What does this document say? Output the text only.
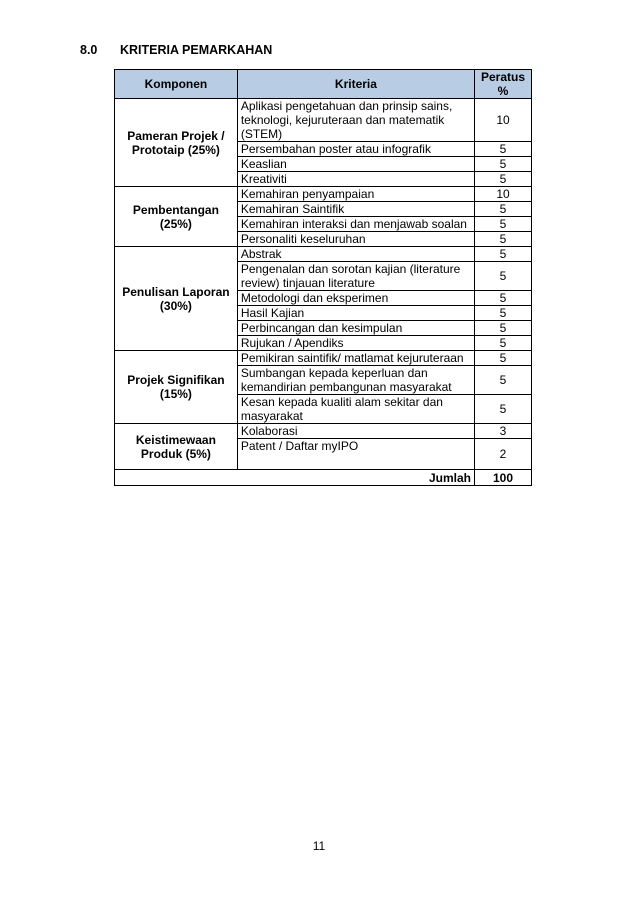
8.0 KRITERIA PEMARKAHAN
Komponen	Kriteria	Peratus %
Pameran Projek / Prototaip (25%)	Aplikasi pengetahuan dan prinsip sains, teknologi, kejuruteraan dan matematik (STEM)	10
	Persembahan poster atau infografik	5
	Keaslian	5
	Kreativiti	5
Pembentangan (25%)	Kemahiran penyampaian	10
	Kemahiran Saintifik	5
	Kemahiran interaksi dan menjawab soalan	5
	Personaliti keseluruhan	5
Penulisan Laporan (30%)	Abstrak	5
	Pengenalan dan sorotan kajian (literature review) tinjauan literature	5
	Metodologi dan eksperimen	5
	Hasil Kajian	5
	Perbincangan dan kesimpulan	5
	Rujukan / Apendiks	5
Projek Signifikan (15%)	Pemikiran saintifik/ matlamat kejuruteraan	5
	Sumbangan kepada keperluan dan kemandirian pembangunan masyarakat	5
	Kesan kepada kualiti alam sekitar dan masyarakat	5
Keistimewaan Produk (5%)	Kolaborasi	3
	Patent / Daftar myIPO	2
Jumlah		100
11
